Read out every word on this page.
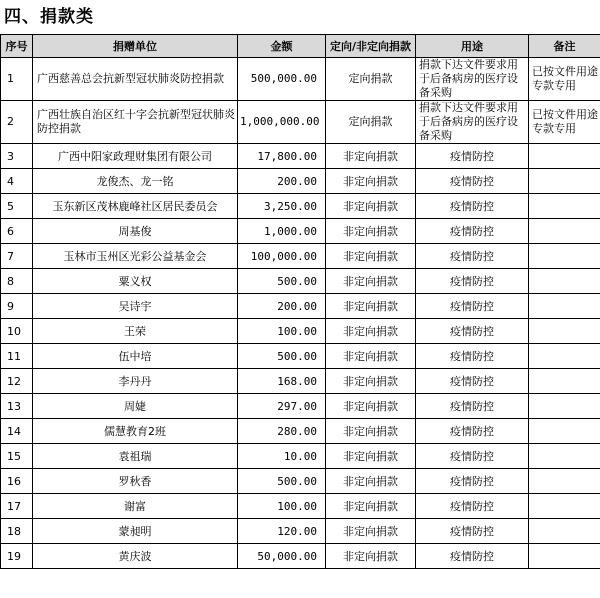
四、捐款类
序号	捐赠单位	金额	定向/非定向捐款	用途	备注
1	广西慈善总会抗新型冠状肺炎防控捐款	500,000.00	定向捐款	捐款下达文件要求用于后备病房的医疗设备采购	已按文件用途专款专用
2	广西壮族自治区红十字会抗新型冠状肺炎防控捐款	1,000,000.00	定向捐款	捐款下达文件要求用于后备病房的医疗设备采购	已按文件用途专款专用
3	广西中阳家政理财集团有限公司	17,800.00	非定向捐款	疫情防控	
4	龙俊杰、龙一铭	200.00	非定向捐款	疫情防控	
5	玉东新区茂林鹿峰社区居民委员会	3,250.00	非定向捐款	疫情防控	
6	周基俊	1,000.00	非定向捐款	疫情防控	
7	玉林市玉州区光彩公益基金会	100,000.00	非定向捐款	疫情防控	
8	粟义权	500.00	非定向捐款	疫情防控	
9	吴诗宇	200.00	非定向捐款	疫情防控	
10	王荣	100.00	非定向捐款	疫情防控	
11	伍中培	500.00	非定向捐款	疫情防控	
12	李丹丹	168.00	非定向捐款	疫情防控	
13	周婕	297.00	非定向捐款	疫情防控	
14	儒慧教育2班	280.00	非定向捐款	疫情防控	
15	袁祖瑞	10.00	非定向捐款	疫情防控	
16	罗秋香	500.00	非定向捐款	疫情防控	
17	谢富	100.00	非定向捐款	疫情防控	
18	蒙昶明	120.00	非定向捐款	疫情防控	
19	黄庆波	50,000.00	非定向捐款	疫情防控	
